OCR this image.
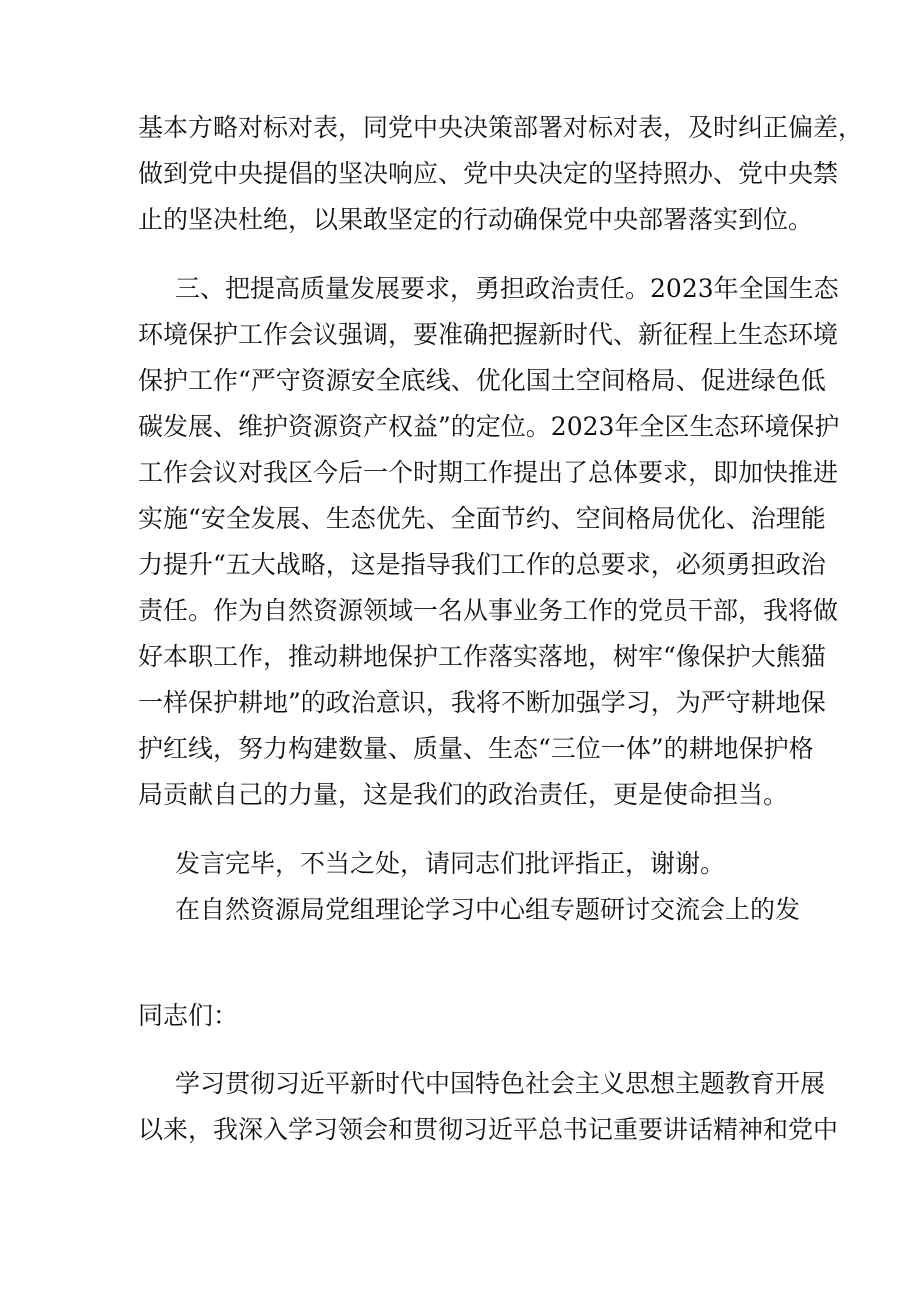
基本方略对标对表，同党中央决策部署对标对表，及时纠正偏差，
做到党中央提倡的坚决响应、党中央决定的坚持照办、党中央禁
止的坚决杜绝，以果敢坚定的行动确保党中央部署落实到位。
三、把提高质量发展要求，勇担政治责任。2023年全国生态
环境保护工作会议强调，要准确把握新时代、新征程上生态环境
保护工作“严守资源安全底线、优化国土空间格局、促进绿色低
碳发展、维护资源资产权益”的定位。2023年全区生态环境保护
工作会议对我区今后一个时期工作提出了总体要求，即加快推进
实施“安全发展、生态优先、全面节约、空间格局优化、治理能
力提升“五大战略，这是指导我们工作的总要求，必须勇担政治
责任。作为自然资源领域一名从事业务工作的党员干部，我将做
好本职工作，推动耕地保护工作落实落地，树牢“像保护大熊猫
一样保护耕地”的政治意识，我将不断加强学习，为严守耕地保
护红线，努力构建数量、质量、生态“三位一体”的耕地保护格
局贡献自己的力量，这是我们的政治责任，更是使命担当。
发言完毕，不当之处，请同志们批评指正，谢谢。
在自然资源局党组理论学习中心组专题研讨交流会上的发
同志们：
学习贯彻习近平新时代中国特色社会主义思想主题教育开展
以来，我深入学习领会和贯彻习近平总书记重要讲话精神和党中
